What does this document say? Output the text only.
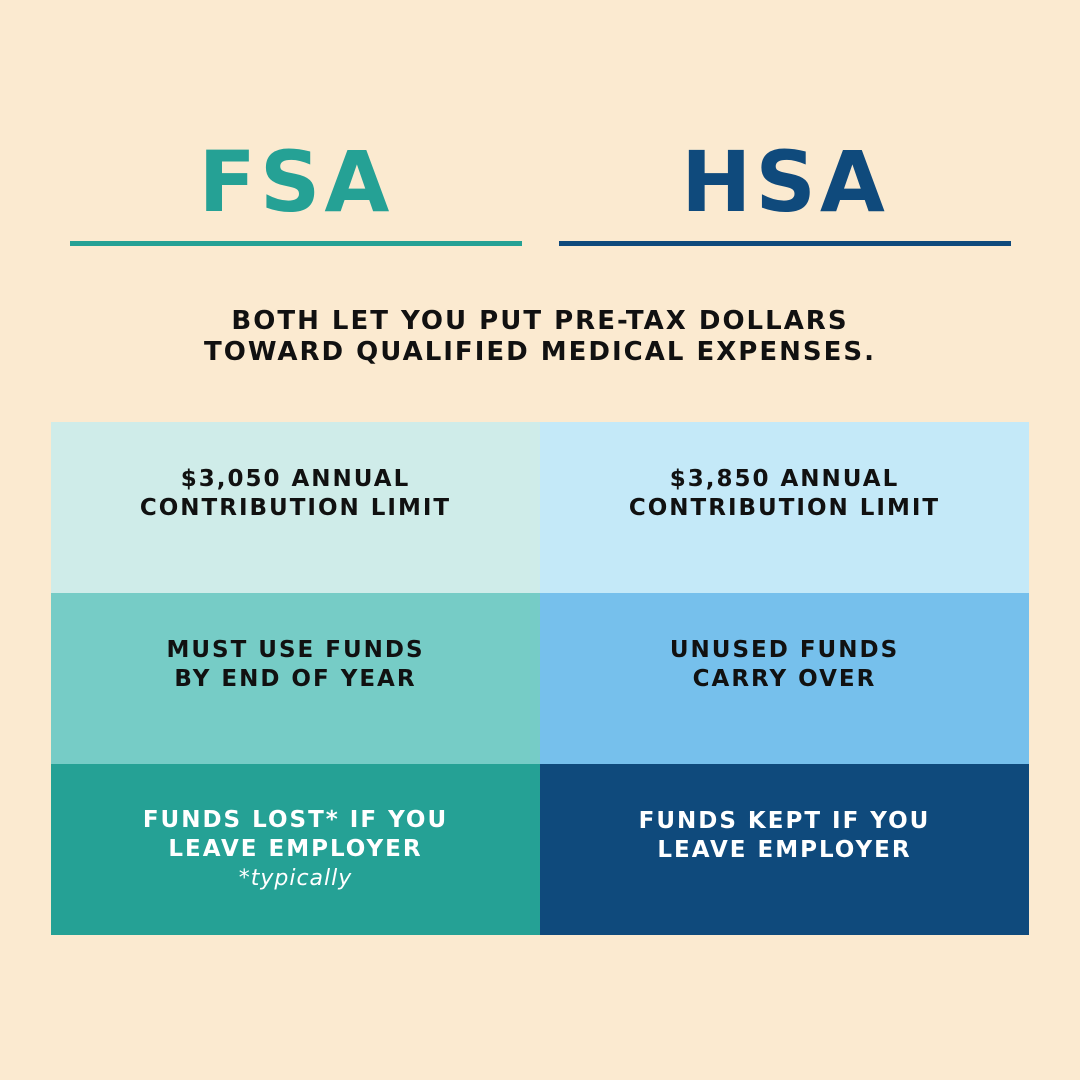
FSA	HSA
BOTH LET YOU PUT PRE-TAX DOLLARS
TOWARD QUALIFIED MEDICAL EXPENSES.
$3,050 ANNUAL
CONTRIBUTION LIMIT
$3,850 ANNUAL
CONTRIBUTION LIMIT
MUST USE FUNDS
BY END OF YEAR
UNUSED FUNDS
CARRY OVER
FUNDS LOST* IF YOU
LEAVE EMPLOYER
*typically
FUNDS KEPT IF YOU
LEAVE EMPLOYER
